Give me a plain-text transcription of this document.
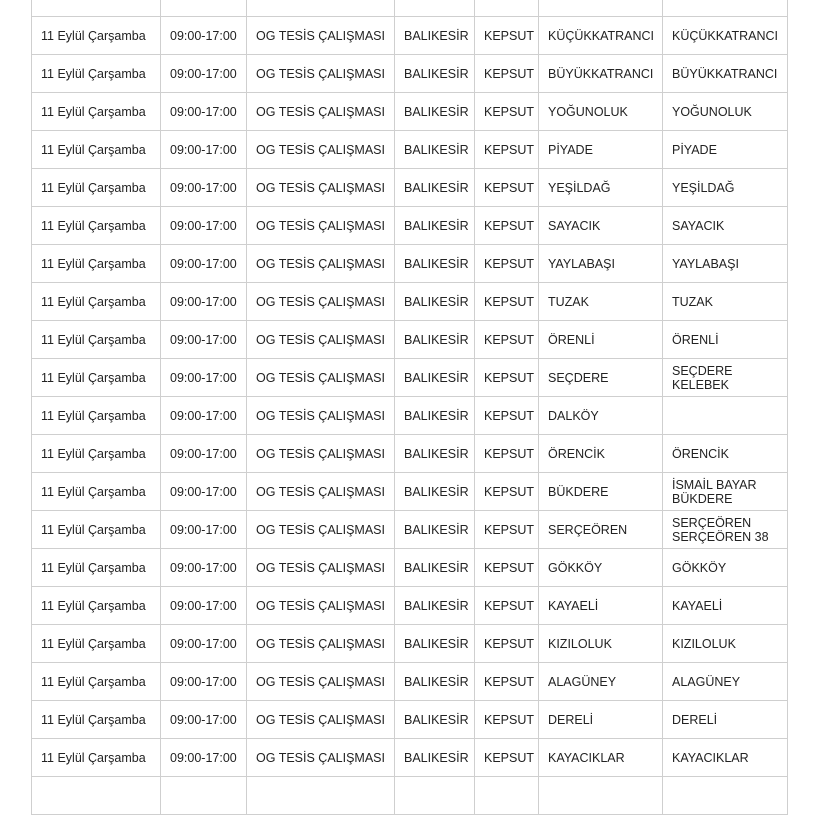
11 Eylül Çarşamba	09:00-17:00	OG TESİS ÇALIŞMASI	BALIKESİR	KEPSUT	KÜÇÜKKATRANCI	KÜÇÜKKATRANCI
11 Eylül Çarşamba	09:00-17:00	OG TESİS ÇALIŞMASI	BALIKESİR	KEPSUT	BÜYÜKKATRANCI	BÜYÜKKATRANCI
11 Eylül Çarşamba	09:00-17:00	OG TESİS ÇALIŞMASI	BALIKESİR	KEPSUT	YOĞUNOLUK	YOĞUNOLUK
11 Eylül Çarşamba	09:00-17:00	OG TESİS ÇALIŞMASI	BALIKESİR	KEPSUT	PİYADE	PİYADE
11 Eylül Çarşamba	09:00-17:00	OG TESİS ÇALIŞMASI	BALIKESİR	KEPSUT	YEŞİLDAĞ	YEŞİLDAĞ
11 Eylül Çarşamba	09:00-17:00	OG TESİS ÇALIŞMASI	BALIKESİR	KEPSUT	SAYACIK	SAYACIK
11 Eylül Çarşamba	09:00-17:00	OG TESİS ÇALIŞMASI	BALIKESİR	KEPSUT	YAYLABAŞI	YAYLABAŞI
11 Eylül Çarşamba	09:00-17:00	OG TESİS ÇALIŞMASI	BALIKESİR	KEPSUT	TUZAK	TUZAK
11 Eylül Çarşamba	09:00-17:00	OG TESİS ÇALIŞMASI	BALIKESİR	KEPSUT	ÖRENLİ	ÖRENLİ
11 Eylül Çarşamba	09:00-17:00	OG TESİS ÇALIŞMASI	BALIKESİR	KEPSUT	SEÇDERE	SEÇDERE
KELEBEK

11 Eylül Çarşamba	09:00-17:00	OG TESİS ÇALIŞMASI	BALIKESİR	KEPSUT	DALKÖY	
11 Eylül Çarşamba	09:00-17:00	OG TESİS ÇALIŞMASI	BALIKESİR	KEPSUT	ÖRENCİK	ÖRENCİK
11 Eylül Çarşamba	09:00-17:00	OG TESİS ÇALIŞMASI	BALIKESİR	KEPSUT	BÜKDERE	İSMAİL BAYAR
BÜKDERE

11 Eylül Çarşamba	09:00-17:00	OG TESİS ÇALIŞMASI	BALIKESİR	KEPSUT	SERÇEÖREN	SERÇEÖREN
SERÇEÖREN 38

11 Eylül Çarşamba	09:00-17:00	OG TESİS ÇALIŞMASI	BALIKESİR	KEPSUT	GÖKKÖY	GÖKKÖY
11 Eylül Çarşamba	09:00-17:00	OG TESİS ÇALIŞMASI	BALIKESİR	KEPSUT	KAYAELİ	KAYAELİ
11 Eylül Çarşamba	09:00-17:00	OG TESİS ÇALIŞMASI	BALIKESİR	KEPSUT	KIZILOLUK	KIZILOLUK
11 Eylül Çarşamba	09:00-17:00	OG TESİS ÇALIŞMASI	BALIKESİR	KEPSUT	ALAGÜNEY	ALAGÜNEY
11 Eylül Çarşamba	09:00-17:00	OG TESİS ÇALIŞMASI	BALIKESİR	KEPSUT	DERELİ	DERELİ
11 Eylül Çarşamba	09:00-17:00	OG TESİS ÇALIŞMASI	BALIKESİR	KEPSUT	KAYACIKLAR	KAYACIKLAR
